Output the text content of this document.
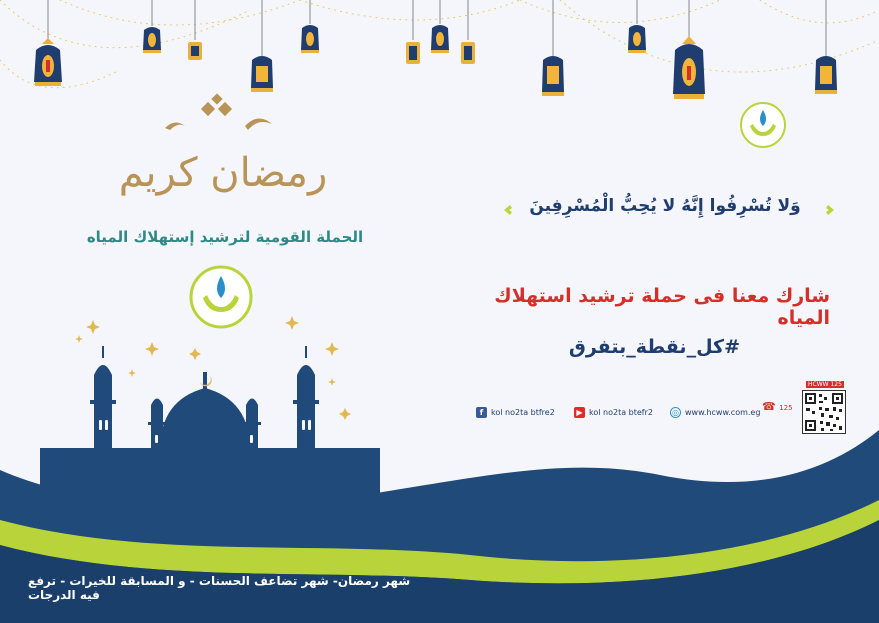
رمضان كريم
الحملة القومية لترشيد إستهلاك المياه
وَلا تُسْرِفُوا إِنَّهُ لا يُحِبُّ الْمُسْرِفِينَ
شارك معنا فى حملة ترشيد استهلاك المياه
#كل_نقطة_بتفرق
f kol no2ta btfre2	▶ kol no2ta btefr2 ◎ www.hcww.com.eg ☎ 125
HCWW 125
شهر رمضان- شهر تضاعف الحسنات - و المسابقة للخيرات - ترفع فيه الدرجات
